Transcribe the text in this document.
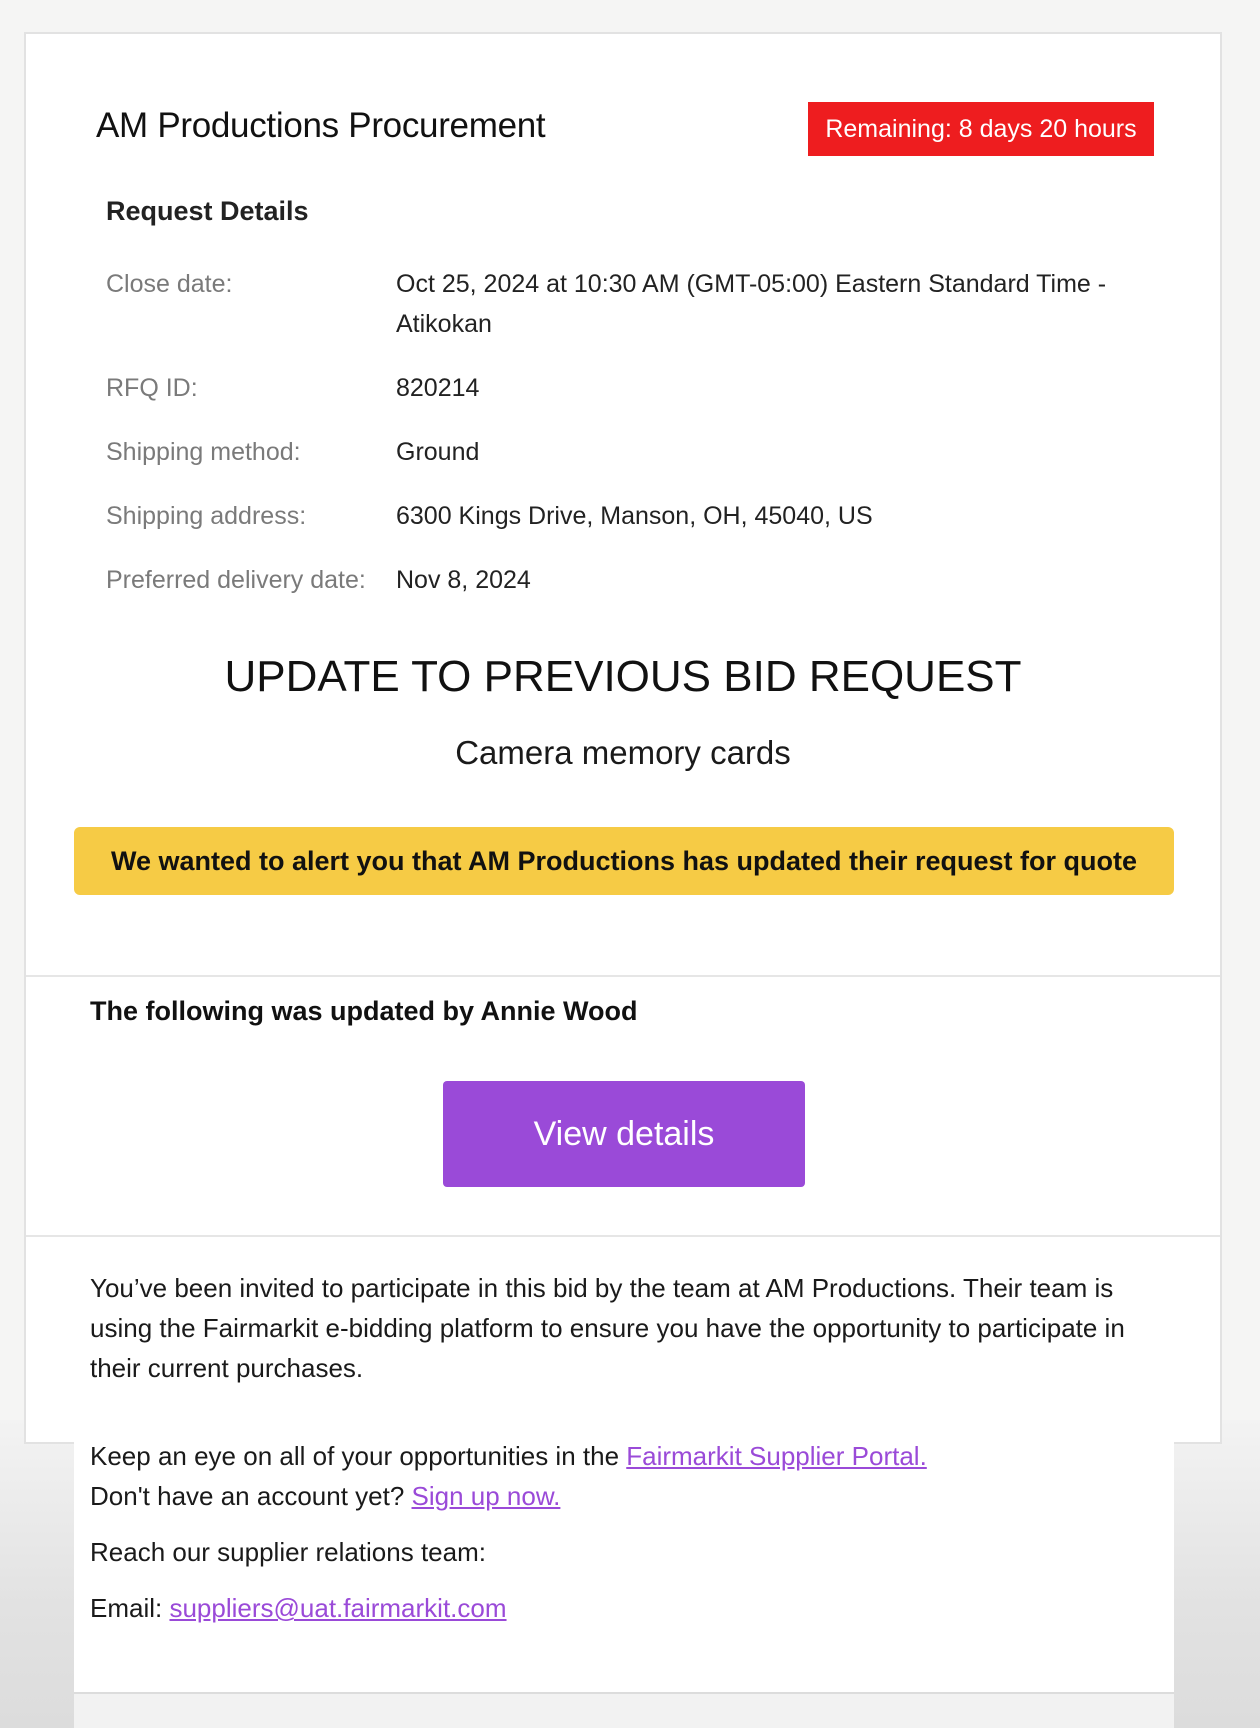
AM Productions Procurement	Remaining: 8 days 20 hours
Request Details
Close date:	Oct 25, 2024 at 10:30 AM (GMT-05:00) Eastern Standard Time - Atikokan
RFQ ID:	820214
Shipping method:	Ground
Shipping address:	6300 Kings Drive, Manson, OH, 45040, US
Preferred delivery date: Nov 8, 2024
UPDATE TO PREVIOUS BID REQUEST
Camera memory cards
We wanted to alert you that AM Productions has updated their request for quote
The following was updated by Annie Wood
View details
You’ve been invited to participate in this bid by the team at AM Productions. Their team is using the Fairmarkit e-bidding platform to ensure you have the opportunity to participate in their current purchases.
Keep an eye on all of your opportunities in the Fairmarkit Supplier Portal.
Don't have an account yet? Sign up now.
Reach our supplier relations team:
Email: suppliers@uat.fairmarkit.com
